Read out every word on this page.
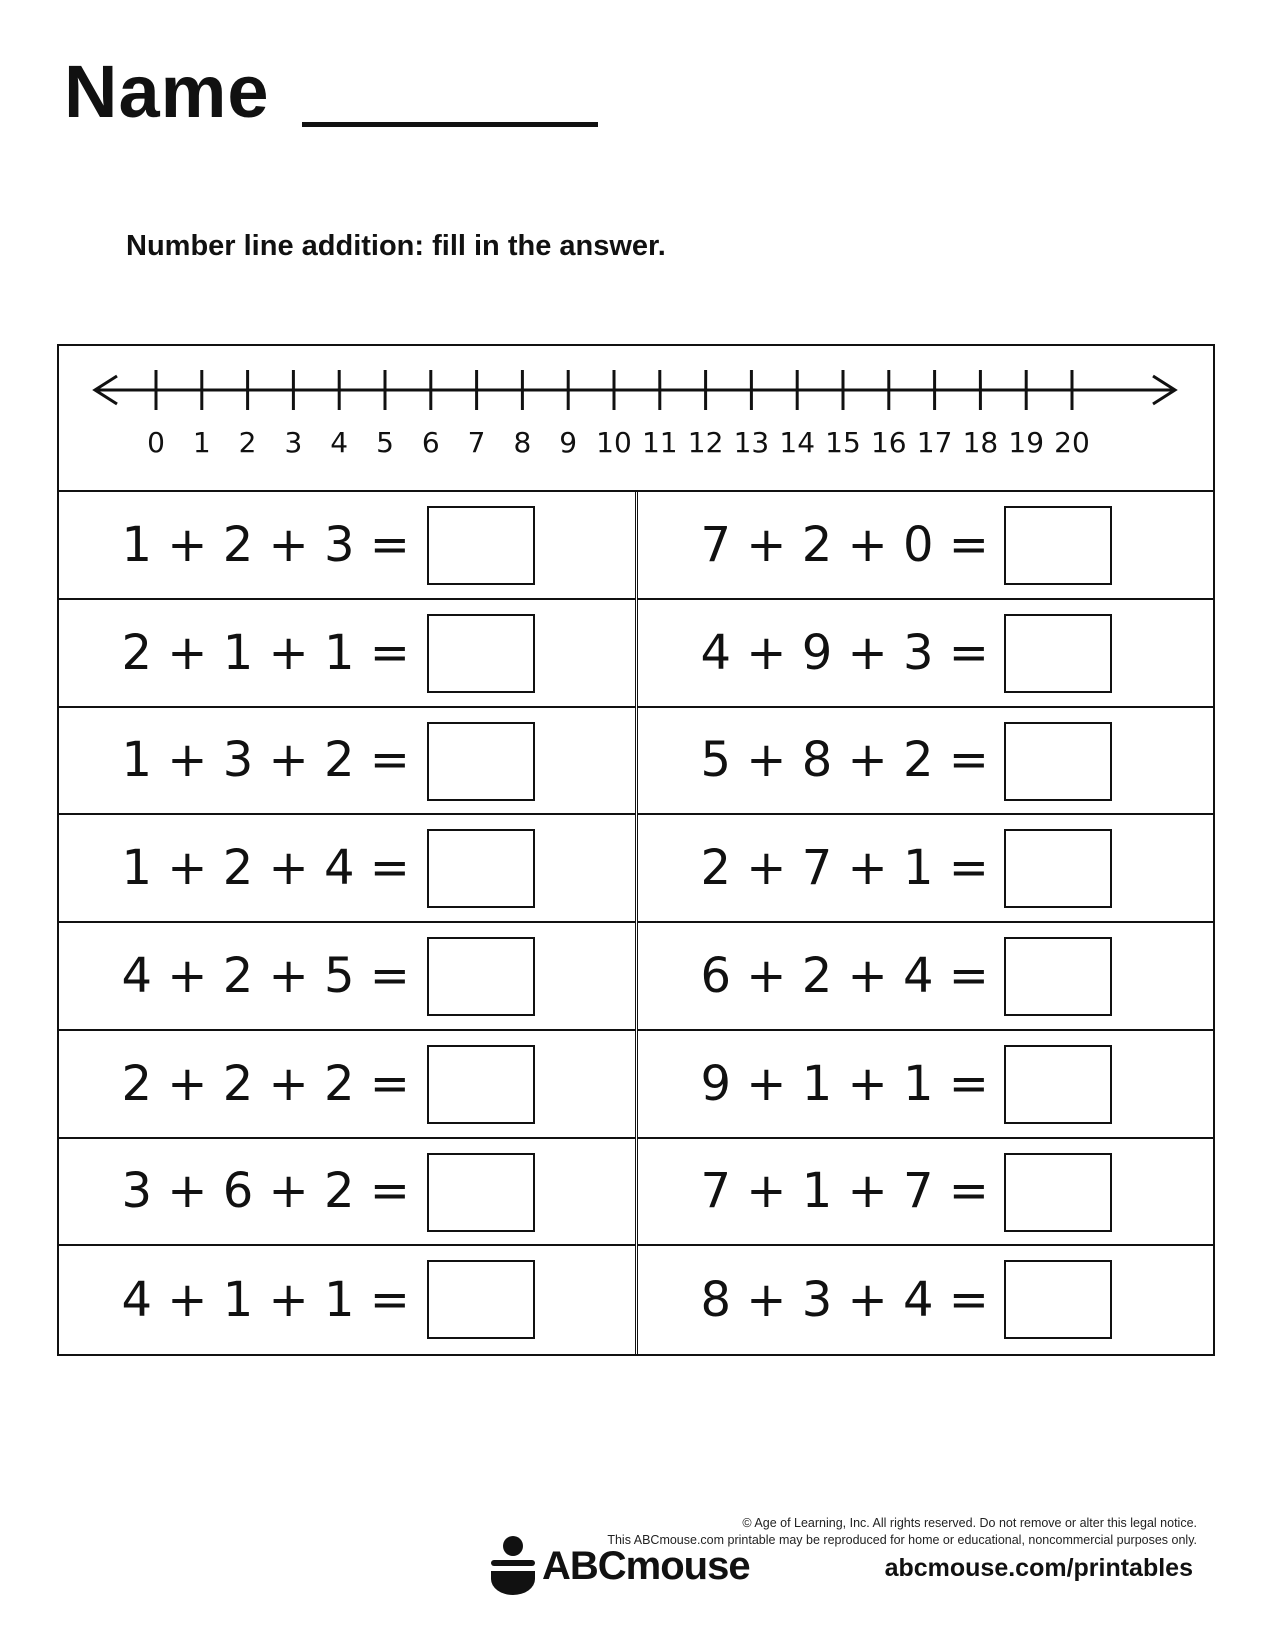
Name
Number line addition: fill in the answer.
0 1 2 3 4 5 6 7 8 9 10 11 12 13 14 15 16 17 18 19 20
1 + 2 + 3 =
2 + 1 + 1 =
1 + 3 + 2 =
1 + 2 + 4 =
4 + 2 + 5 =
2 + 2 + 2 =
3 + 6 + 2 =
4 + 1 + 1 =
7 + 2 + 0 =
4 + 9 + 3 =
5 + 8 + 2 =
2 + 7 + 1 =
6 + 2 + 4 =
9 + 1 + 1 =
7 + 1 + 7 =
8 + 3 + 4 =
© Age of Learning, Inc. All rights reserved. Do not remove or alter this legal notice.
This ABCmouse.com printable may be reproduced for home or educational, noncommercial purposes only.
ABCmouse	abcmouse.com/printables
